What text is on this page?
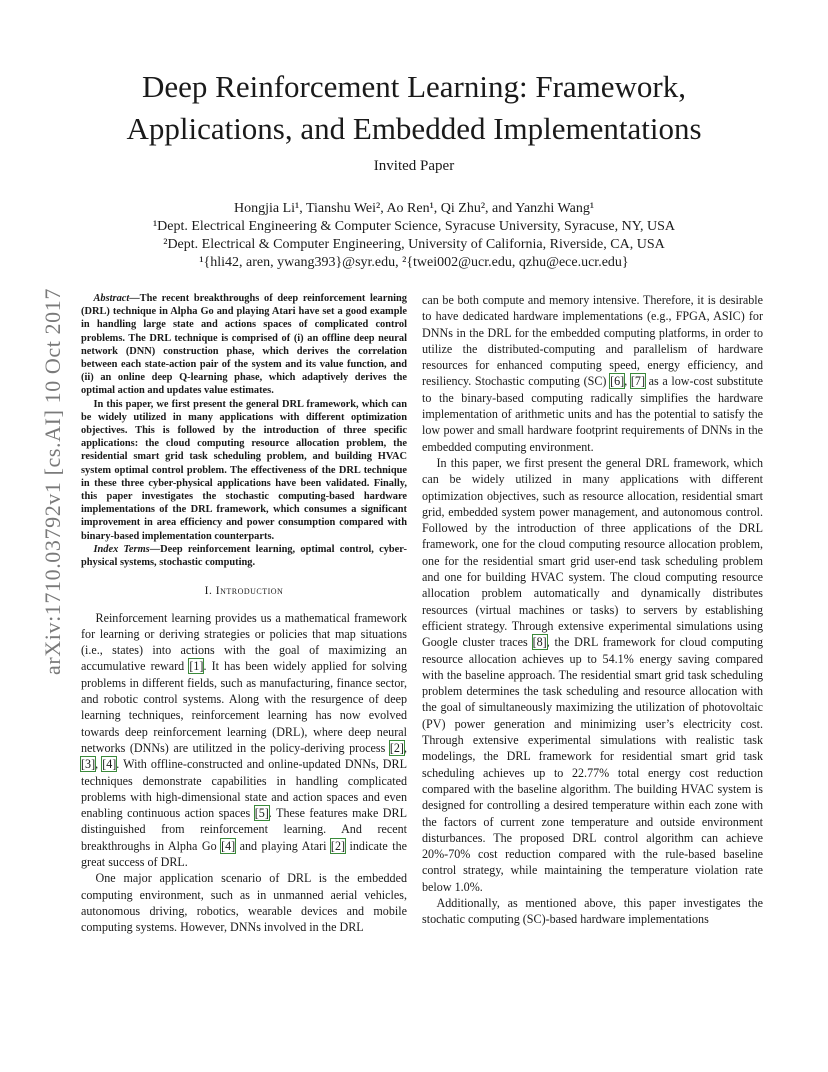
Deep Reinforcement Learning: Framework,
Applications, and Embedded Implementations
Invited Paper
Hongjia Li¹, Tianshu Wei², Ao Ren¹, Qi Zhu², and Yanzhi Wang¹
¹Dept. Electrical Engineering & Computer Science, Syracuse University, Syracuse, NY, USA
²Dept. Electrical & Computer Engineering, University of California, Riverside, CA, USA
¹{hli42, aren, ywang393}@syr.edu, ²{twei002@ucr.edu, qzhu@ece.ucr.edu}
arXiv:1710.03792v1 [cs.AI] 10 Oct 2017	Abstract—The recent breakthroughs of deep reinforcement learning (DRL) technique in Alpha Go and playing Atari have set a good example in handling large state and actions spaces of complicated control problems. The DRL technique is comprised of (i) an offline deep neural network (DNN) construction phase, which derives the correlation between each state-action pair of the system and its value function, and (ii) an online deep Q-learning phase, which adaptively derives the optimal action and updates value estimates.

In this paper, we first present the general DRL framework, which can be widely utilized in many applications with different optimization objectives. This is followed by the introduction of three specific applications: the cloud computing resource allocation problem, the residential smart grid task scheduling problem, and building HVAC system optimal control problem. The effectiveness of the DRL technique in these three cyber-physical applications have been validated. Finally, this paper investigates the stochastic computing-based hardware implementations of the DRL framework, which consumes a significant improvement in area efficiency and power consumption compared with binary-based implementation counterparts.

Index Terms—Deep reinforcement learning, optimal control, cyber-physical systems, stochastic computing.

I. Introduction

Reinforcement learning provides us a mathematical framework for learning or deriving strategies or policies that map situations (i.e., states) into actions with the goal of maximizing an accumulative reward [1]. It has been widely applied for solving problems in different fields, such as manufacturing, finance sector, and robotic control systems. Along with the resurgence of deep learning techniques, reinforcement learning has now evolved towards deep reinforcement learning (DRL), where deep neural networks (DNNs) are utilitzed in the policy-deriving process [2], [3], [4]. With offline-constructed and online-updated DNNs, DRL techniques demonstrate capabilities in handling complicated problems with high-dimensional state and action spaces and even enabling continuous action spaces [5]. These features make DRL distinguished from reinforcement learning. And recent breakthroughs in Alpha Go [4] and playing Atari [2] indicate the great success of DRL.

One major application scenario of DRL is the embedded computing environment, such as in unmanned aerial vehicles, autonomous driving, robotics, wearable devices and mobile computing systems. However, DNNs involved in the DRL

can be both compute and memory intensive. Therefore, it is desirable to have dedicated hardware implementations (e.g., FPGA, ASIC) for DNNs in the DRL for the embedded computing platforms, in order to utilize the distributed-computing and parallelism of hardware resources for enhanced computing speed, energy efficiency, and resiliency. Stochastic computing (SC) [6], [7] as a low-cost substitute to the binary-based computing radically simplifies the hardware implementation of arithmetic units and has the potential to satisfy the low power and small hardware footprint requirements of DNNs in the embedded computing environment.

In this paper, we first present the general DRL framework, which can be widely utilized in many applications with different optimization objectives, such as resource allocation, residential smart grid, embedded system power management, and autonomous control. Followed by the introduction of three applications of the DRL framework, one for the cloud computing resource allocation problem, one for the residential smart grid user-end task scheduling problem and one for building HVAC system. The cloud computing resource allocation problem automatically and dynamically distributes resources (virtual machines or tasks) to servers by establishing efficient strategy. Through extensive experimental simulations using Google cluster traces [8], the DRL framework for cloud computing resource allocation achieves up to 54.1% energy saving compared with the baseline approach. The residential smart grid task scheduling problem determines the task scheduling and resource allocation with the goal of simultaneously maximizing the utilization of photovoltaic (PV) power generation and minimizing user’s electricity cost. Through extensive experimental simulations with realistic task modelings, the DRL framework for residential smart grid task scheduling achieves up to 22.77% total energy cost reduction compared with the baseline algorithm. The building HVAC system is designed for controlling a desired temperature within each zone with the factors of current zone temperature and outside environment disturbances. The proposed DRL control algorithm can achieve 20%-70% cost reduction compared with the rule-based baseline control strategy, while maintaining the temperature violation rate below 1.0%.

Additionally, as mentioned above, this paper investigates the stochatic computing (SC)-based hardware implementations
